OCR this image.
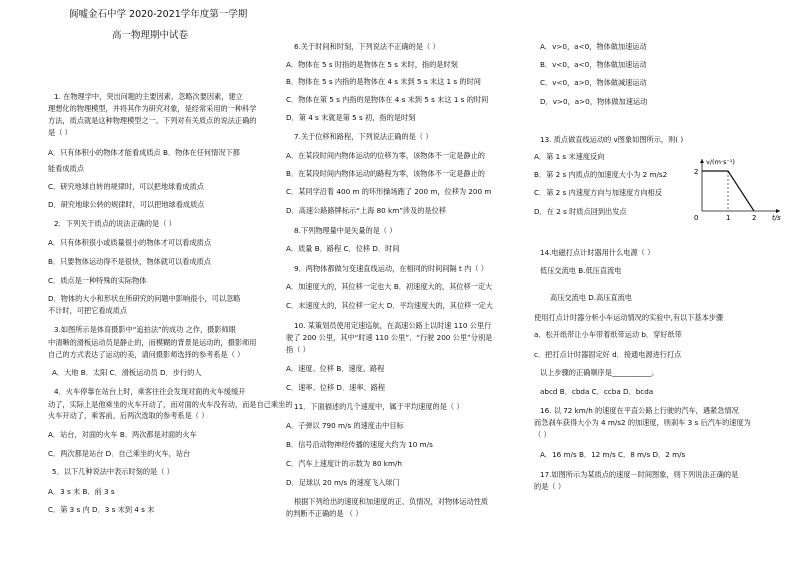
阆嘘金石中学 2020-2021学年度第一学期
高一物理期中试卷
1. 在物理学中，突出问题的主要因素，忽略次要因素，建立
理想化的物理模型，并将其作为研究对象，是经常采用的一种科学
方法，质点就是这种物理模型之一。下列对有关质点的说法正确的
是（ ）
A．只有体积小的物体才能看成质点 B．物体在任何情况下都
能看成质点
C．研究地球自转的规律时，可以把地球看成质点
D．研究地球公转的规律时，可以把地球看成质点
2．下列关于质点的说法正确的是（ ）
A．只有体积很小或质量很小的物体才可以看成质点
B．只要物体运动得不是很快，物体就可以看成质点
C．质点是一种特殊的实际物体
D．物体的大小和形状在所研究的问题中影响很小，可以忽略
不计时，可把它看成质点
3.如图所示是体育摄影中“追拍法”的成功 之作，摄影师眼
中清晰的滑板运动员是静止的，而模糊的背景是运动的，摄影师用
自己的方式表达了运动的美，请问摄影师选择的参考系是（ ）
A．大地 B．太阳 C．滑板运动员 D．步行的人
4．火车停靠在站台上时，乘客往往会发现对面的火车缓缓开
动了，实际上是他乘坐的火车开动了，而对面的火车没有动，而是自己乘坐的
火车开动了，乘客前，后两次选取的参考系是（ ）
A．站台，对面的火车 B．两次都是对面的火车
C．两次都是站台 D．自己乘坐的火车，站台
5．以下几种说法中表示时刻的是（ ）
A．3 s 末 B．前 3 s
C．第 3 s 内 D．3 s 末到 4 s 末
6.关于时间和时刻，下列说法不正确的是（ ）
A．物体在 5 s 时指的是物体在 5 s 末时，指的是时刻
B．物体在 5 s 内指的是物体在 4 s 末到 5 s 末这 1 s 的时间
C．物体在第 5 s 内指的是物体在 4 s 末到 5 s 末这 1 s 的时间
D．第 4 s 末就是第 5 s 初，指的是时刻
7.关于位移和路程，下列说法正确的是（ ）
A．在某段时间内物体运动的位移为零，该物体不一定是静止的
B．在某段时间内物体运动的路程为零，该物体不一定是静止的
C．某同学沿着 400 m 的环形操场跑了 200 m，位移为 200 m
D．高速公路路牌标示“上海 80 km”涉及的是位移
8.下列物理量中是矢量的是（ ）
A．质量 B．路程 C．位移 D．时间
9．两物体都做匀变速直线运动，在相同的时间间隔 t 内（ ）
A．加速度大的，其位移一定也大 B．初速度大的，其位移一定大
C．末速度大的，其位移一定大 D．平均速度大的，其位移一定大
10. 某策划员使用定速巡航，在高速公路上以时速 110 公里行
驶了 200 公里，其中“时速 110 公里”、“行驶 200 公里”分别是
指（ ）
A．速度、位移 B．速度、路程
C．速率、位移 D．速率、路程
11．下面描述的几个速度中，属于平均速度的是（ ）
A．子弹以 790 m/s 的速度击中目标
B．信号沿动物神经传播的速度大约为 10 m/s
C．汽车上速度计的示数为 80 km/h
D．足球以 20 m/s 的速度飞入球门
根据下列给出的速度和加速度的正、负情况，对物体运动性质
的判断不正确的是 （ ）
A．v>0，a<0，物体做加速运动
B．v<0，a<0，物体做加速运动
C．v<0，a>0，物体做减速运动
D．v>0，a>0，物体做加速运动
13. 质点做直线运动的 v图象如图所示，则( )
A．第 1 s 末速度反向
B．第 2 s 内质点的加速度大小为 2 m/s2
C．第 2 s 内速度方向与加速度方向相反
D．在 2 s 时质点回到出发点
14.电磁打点计时器用什么电源（ ）
低压交流电 B.低压直流电
高压交流电 D.高压直流电
使用打点计时器分析小车运动情况的实验中,有以下基本步骤
a．松开纸带让小车带着纸带运动 b．穿好纸带
c．把打点计时器固定好 d．接通电源进行打点
以上步骤的正确顺序是___________。
abcd B．cbda C．ccba D．bcda
16. 以 72 km/h 的速度在平直公路上行驶的汽车，遇紧急情况
而急刹车获得大小为 4 m/s2 的加速度，则刹车 3 s 后汽车的速度为
（ ）
A．16 m/s B．12 m/s C．8 m/s D．2 m/s
17.如图所示为某质点的速度－时间图象，则下列说法正确的是
的是（ ）
2
0	1	2
v/(m·s⁻¹)
t/s
